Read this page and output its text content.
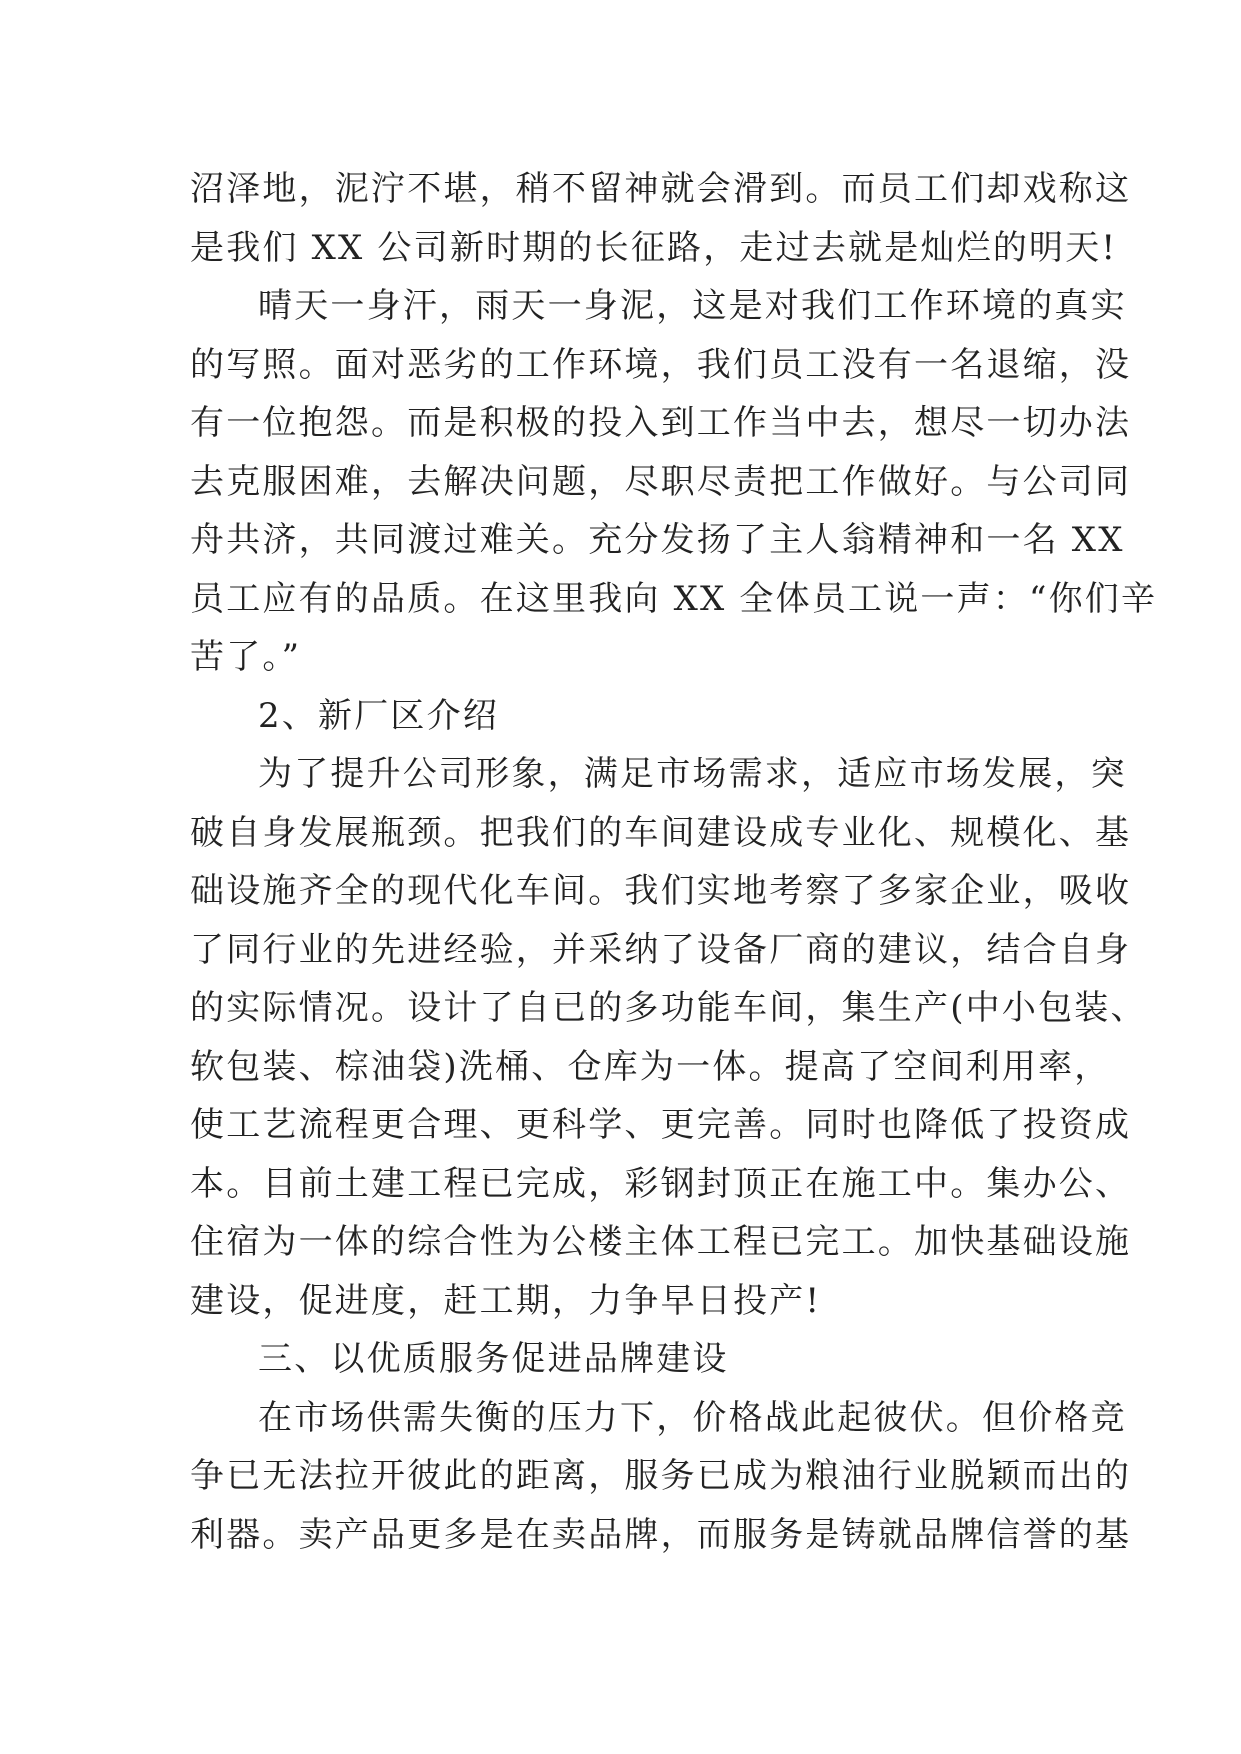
沼泽地，泥泞不堪，稍不留神就会滑到。而员工们却戏称这
是我们 XX 公司新时期的长征路，走过去就是灿烂的明天!
晴天一身汗，雨天一身泥，这是对我们工作环境的真实
的写照。面对恶劣的工作环境，我们员工没有一名退缩，没
有一位抱怨。而是积极的投入到工作当中去，想尽一切办法
去克服困难，去解决问题，尽职尽责把工作做好。与公司同
舟共济，共同渡过难关。充分发扬了主人翁精神和一名 XX
员工应有的品质。在这里我向 XX 全体员工说一声：“你们辛
苦了。”
2、新厂区介绍
为了提升公司形象，满足市场需求，适应市场发展，突
破自身发展瓶颈。把我们的车间建设成专业化、规模化、基
础设施齐全的现代化车间。我们实地考察了多家企业，吸收
了同行业的先进经验，并采纳了设备厂商的建议，结合自身
的实际情况。设计了自已的多功能车间，集生产(中小包装、
软包装、棕油袋)洗桶、仓库为一体。提高了空间利用率，
使工艺流程更合理、更科学、更完善。同时也降低了投资成
本。目前土建工程已完成，彩钢封顶正在施工中。集办公、
住宿为一体的综合性为公楼主体工程已完工。加快基础设施
建设，促进度，赶工期，力争早日投产!
三、以优质服务促进品牌建设
在市场供需失衡的压力下，价格战此起彼伏。但价格竞
争已无法拉开彼此的距离，服务已成为粮油行业脱颖而出的
利器。卖产品更多是在卖品牌，而服务是铸就品牌信誉的基
